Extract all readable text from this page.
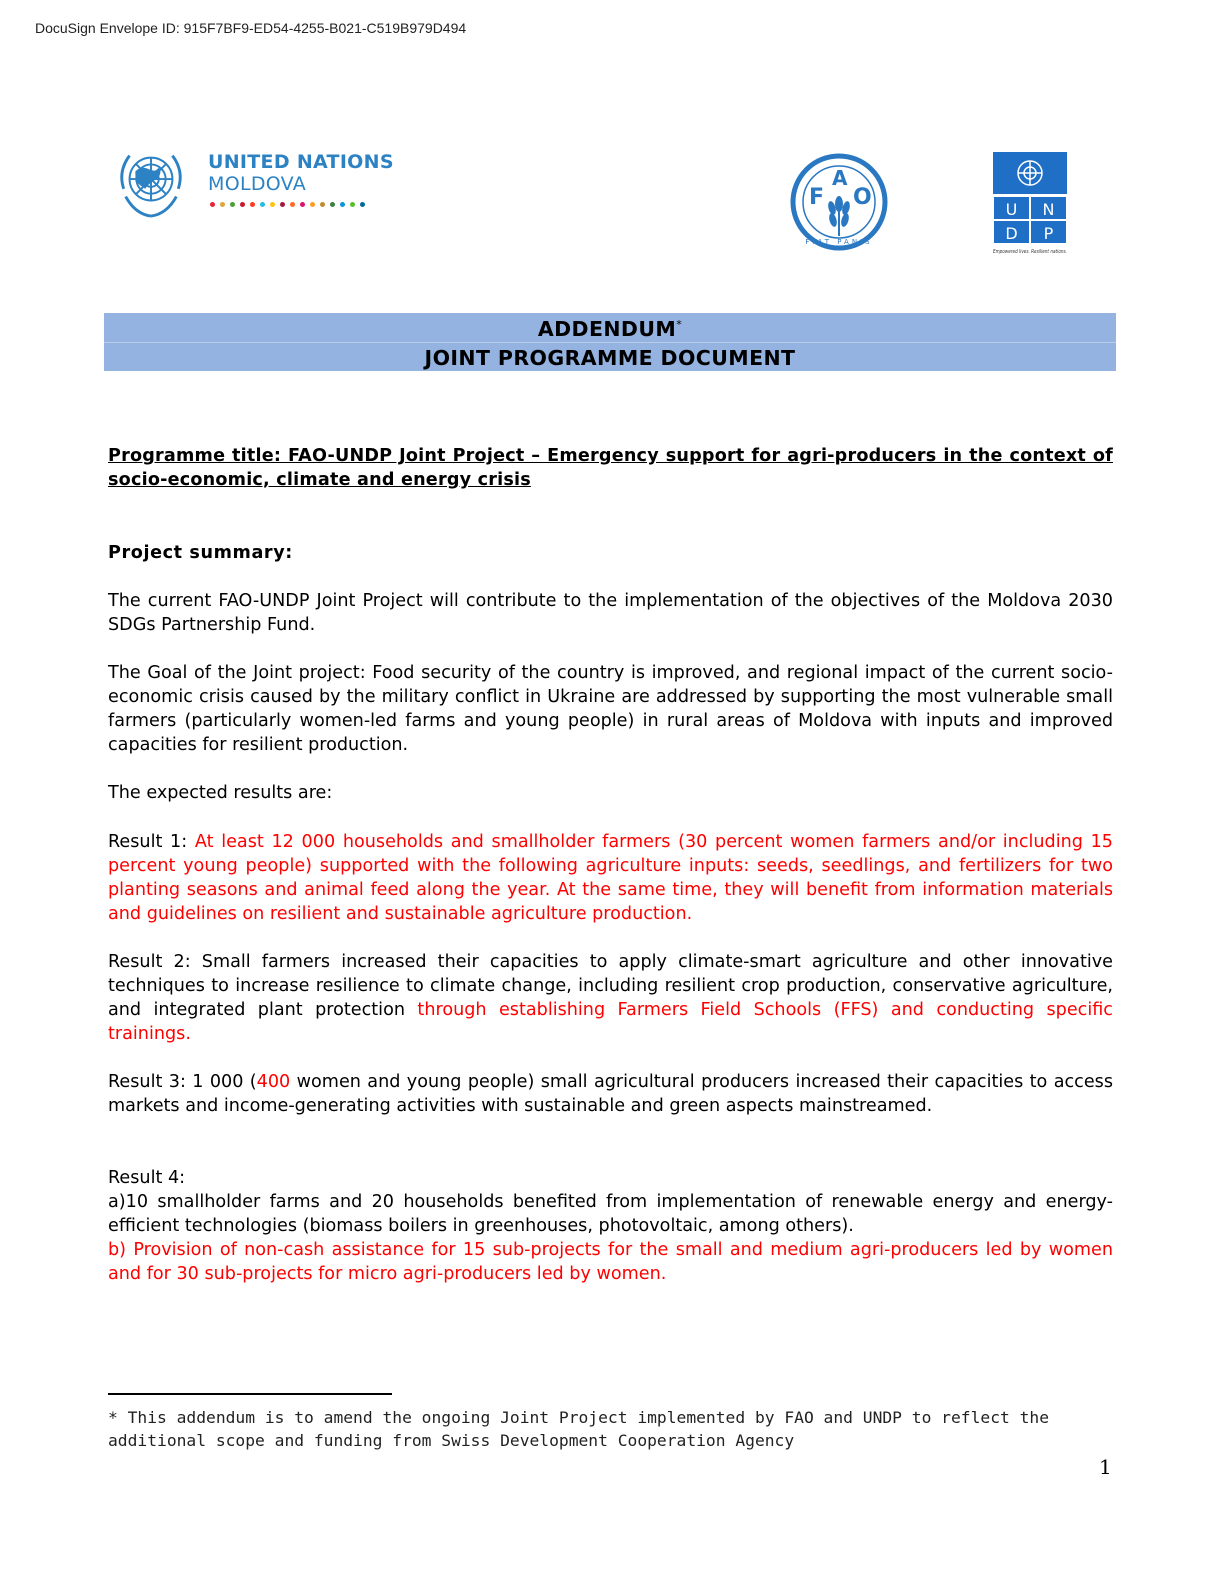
DocuSign Envelope ID: 915F7BF9-ED54-4255-B021-C519B979D494
UNITED NATIONS
MOLDOVA
F
A
O
FIAT PANIS
U N
D P
Empowered lives. Resilient nations.
ADDENDUM*
JOINT PROGRAMME DOCUMENT
Programme title: FAO-UNDP Joint Project – Emergency support for agri-producers in the context of socio-economic, climate and energy crisis
Project summary:
The current FAO-UNDP Joint Project will contribute to the implementation of the objectives of the Moldova 2030 SDGs Partnership Fund.
The Goal of the Joint project: Food security of the country is improved, and regional impact of the current socio-economic crisis caused by the military conflict in Ukraine are addressed by supporting the most vulnerable small farmers (particularly women-led farms and young people) in rural areas of Moldova with inputs and improved capacities for resilient production.
The expected results are:
Result 1: At least 12 000 households and smallholder farmers (30 percent women farmers and/or including 15 percent young people) supported with the following agriculture inputs: seeds, seedlings, and fertilizers for two planting seasons and animal feed along the year. At the same time, they will benefit from information materials and guidelines on resilient and sustainable agriculture production.
Result 2: Small farmers increased their capacities to apply climate-smart agriculture and other innovative techniques to increase resilience to climate change, including resilient crop production, conservative agriculture, and integrated plant protection through establishing Farmers Field Schools (FFS) and conducting specific trainings.
Result 3: 1 000 (400 women and young people) small agricultural producers increased their capacities to access markets and income-generating activities with sustainable and green aspects mainstreamed.
Result 4:
a)10 smallholder farms and 20 households benefited from implementation of renewable energy and energy-efficient technologies (biomass boilers in greenhouses, photovoltaic, among others).
b) Provision of non-cash assistance for 15 sub-projects for the small and medium agri-producers led by women and for 30 sub-projects for micro agri-producers led by women.
* This addendum is to amend the ongoing Joint Project implemented by FAO and UNDP to reflect the additional scope and funding from Swiss Development Cooperation Agency
1
